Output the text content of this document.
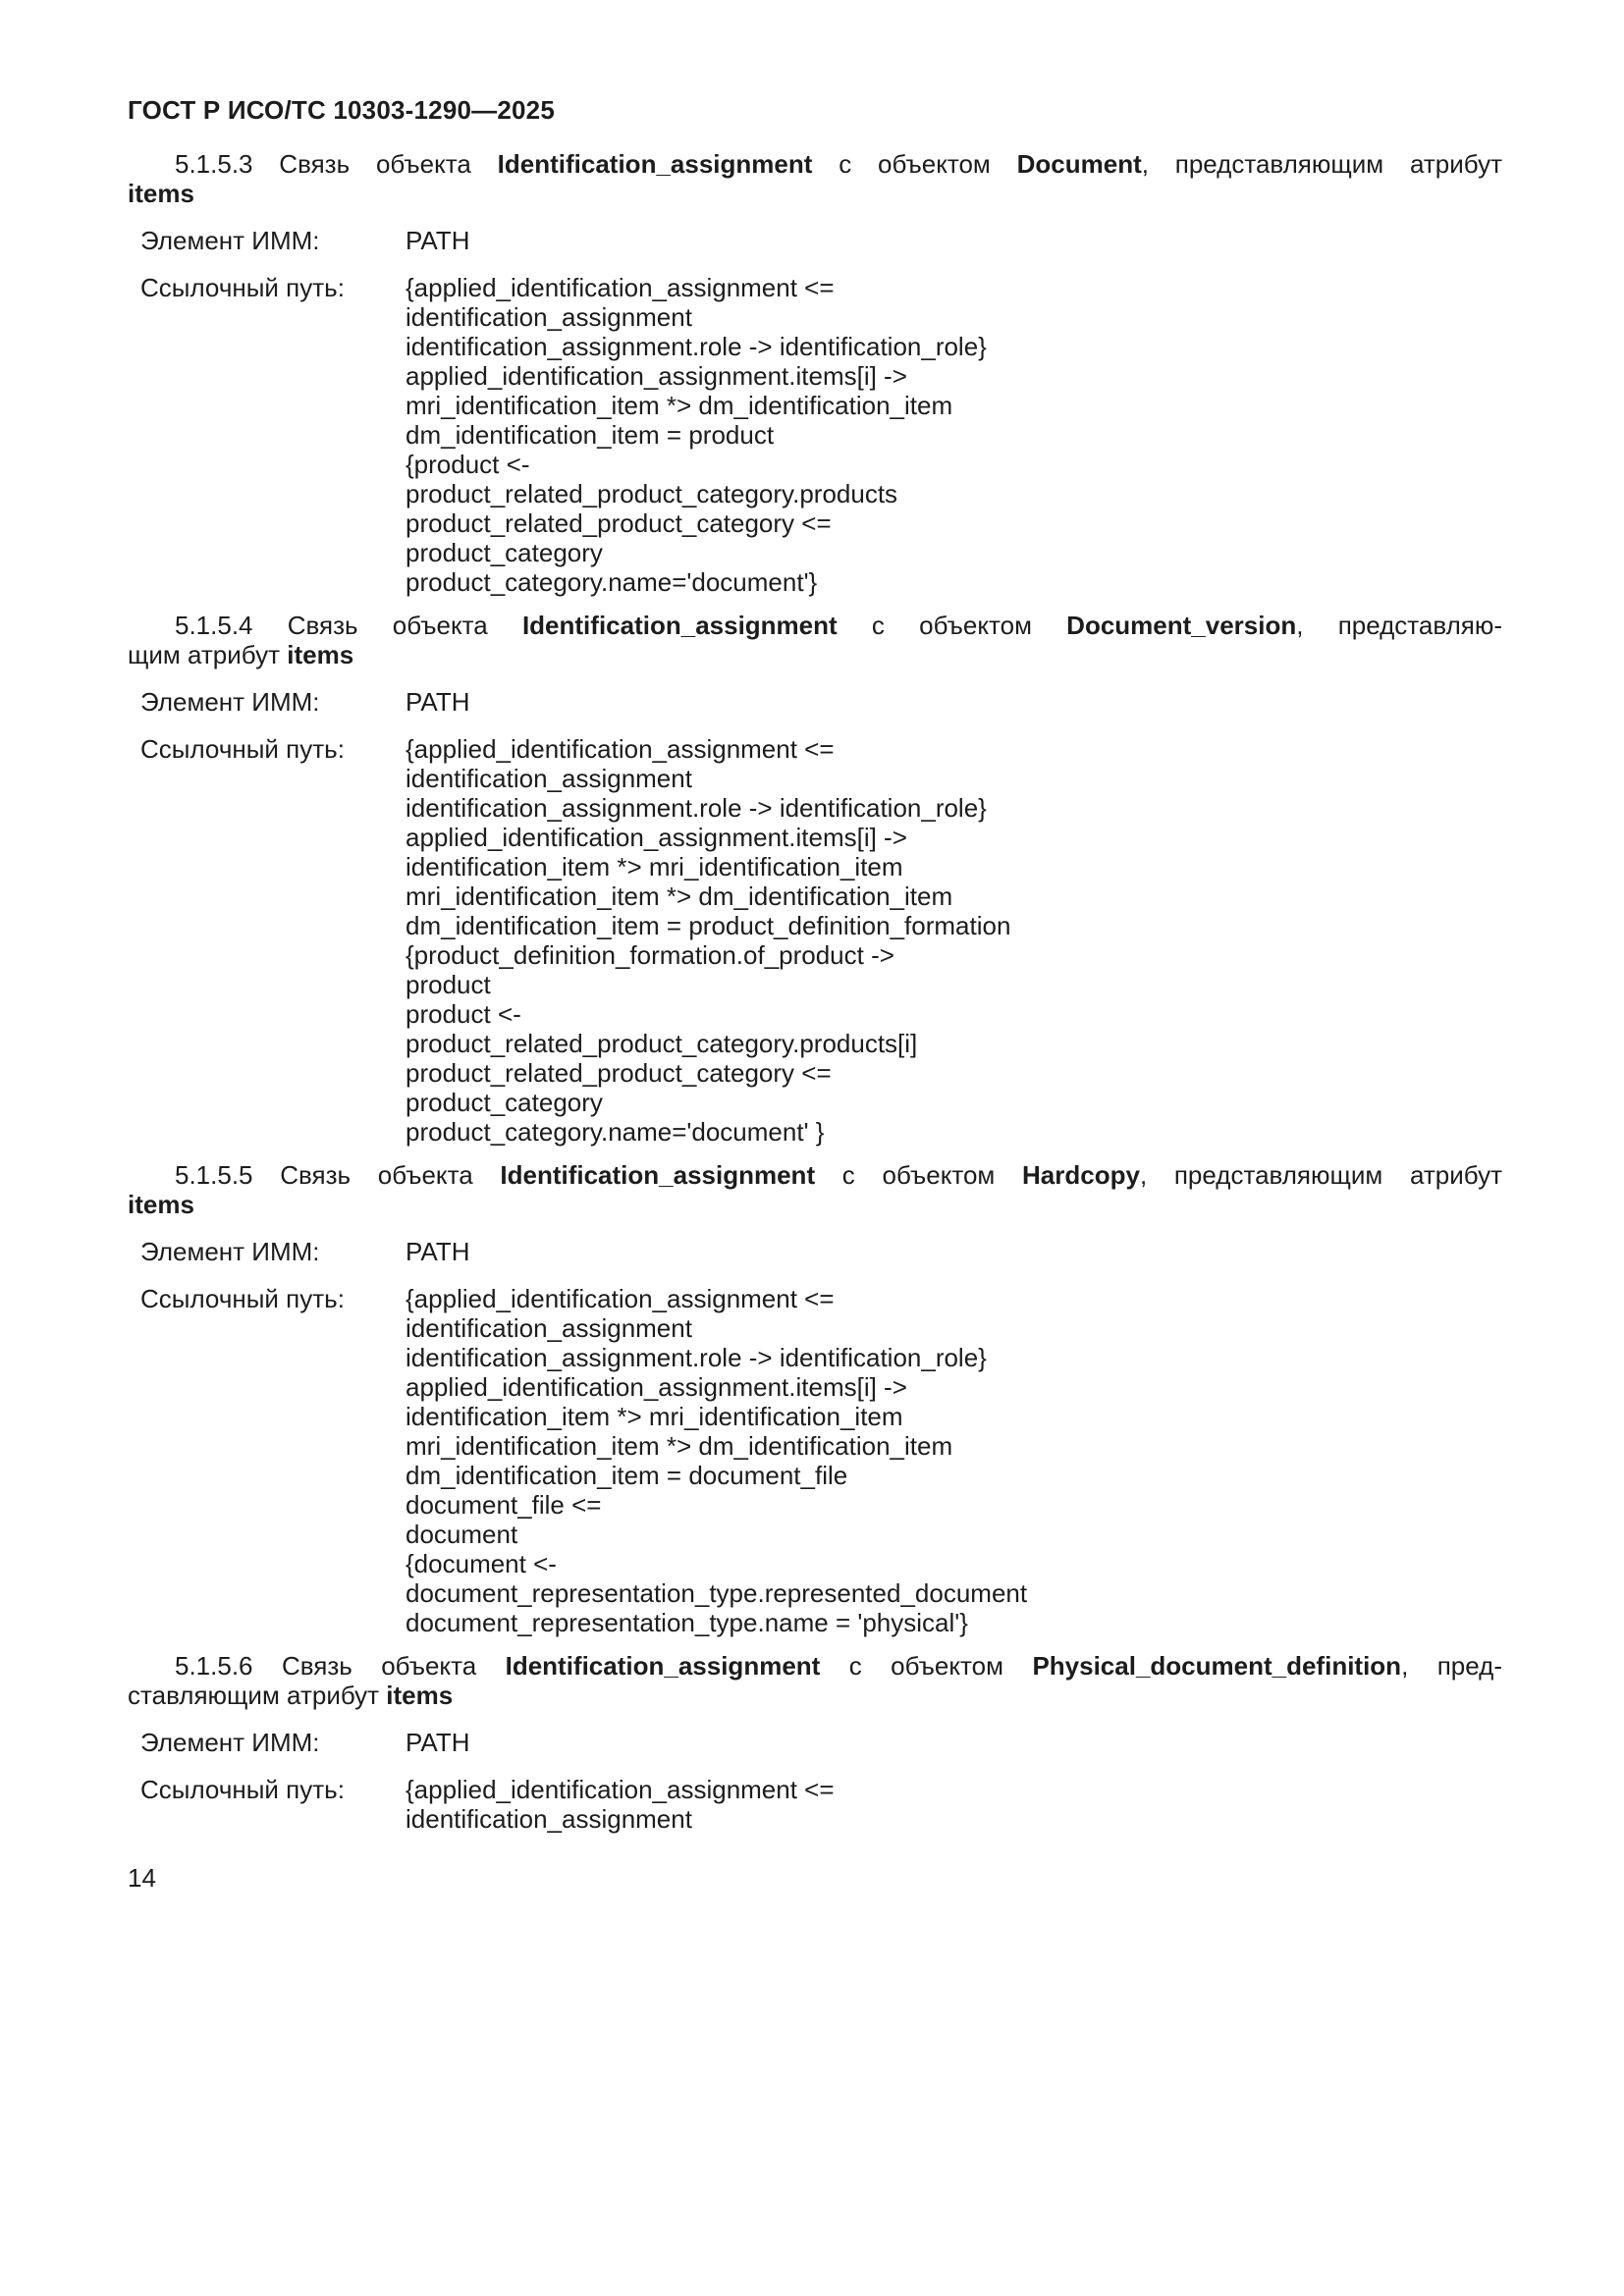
ГОСТ Р ИСО/ТС 10303-1290—2025

5.1.5.3 Связь объекта Identification_assignment с объектом Document, представляющим атрибут

items

Элемент ИММ:	PATH
Ссылочный путь:	{applied_identification_assignment <=
identification_assignment
identification_assignment.role -> identification_role}
applied_identification_assignment.items[i] ->
mri_identification_item *> dm_identification_item
dm_identification_item = product
{product <-
product_related_product_category.products
product_related_product_category <=
product_category
product_category.name='document'}

5.1.5.4 Связь объекта Identification_assignment с объектом Document_version, представляю-

щим атрибут items

Элемент ИММ:	PATH
Ссылочный путь:	{applied_identification_assignment <=
identification_assignment
identification_assignment.role -> identification_role}
applied_identification_assignment.items[i] ->
identification_item *> mri_identification_item
mri_identification_item *> dm_identification_item
dm_identification_item = product_definition_formation
{product_definition_formation.of_product ->
product
product <-
product_related_product_category.products[i]
product_related_product_category <=
product_category
product_category.name='document' }

5.1.5.5 Связь объекта Identification_assignment с объектом Hardcopy, представляющим атрибут

items

Элемент ИММ:	PATH
Ссылочный путь:	{applied_identification_assignment <=
identification_assignment
identification_assignment.role -> identification_role}
applied_identification_assignment.items[i] ->
identification_item *> mri_identification_item
mri_identification_item *> dm_identification_item
dm_identification_item = document_file
document_file <=
document
{document <-
document_representation_type.represented_document
document_representation_type.name = 'physical'}

5.1.5.6 Связь объекта Identification_assignment с объектом Physical_document_definition, пред-

ставляющим атрибут items

Элемент ИММ:	PATH
Ссылочный путь:	{applied_identification_assignment <=
identification_assignment
14
